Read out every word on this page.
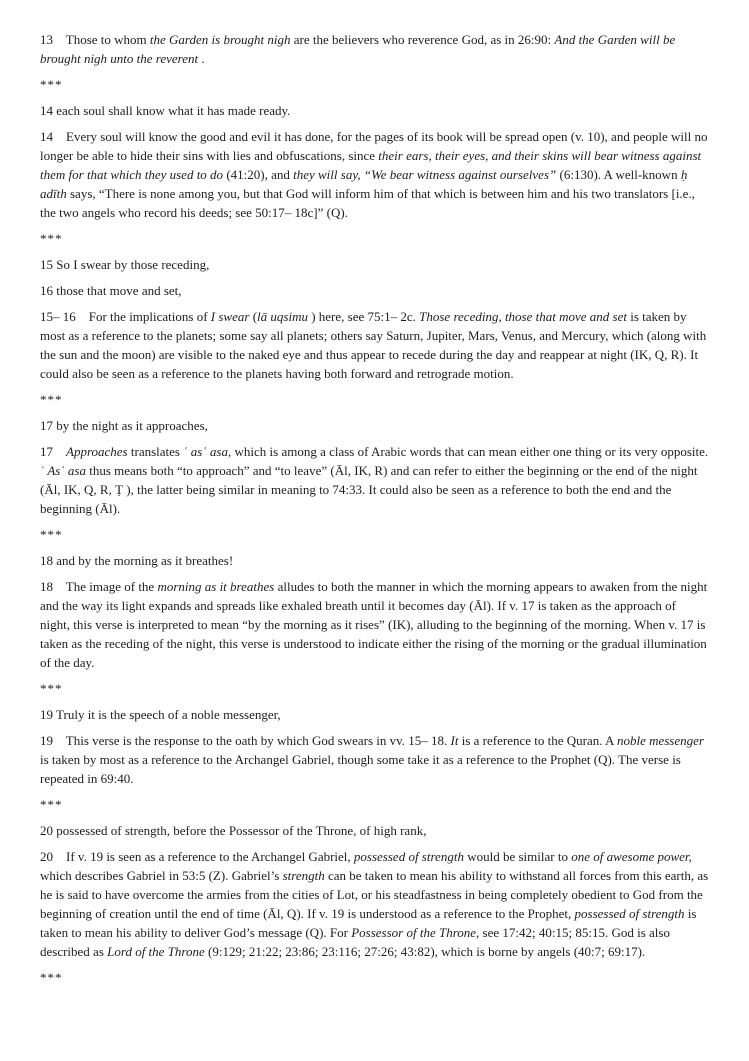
13    Those to whom the Garden is brought nigh are the believers who reverence God, as in 26:90: And the Garden will be brought nigh unto the reverent .

***

14 each soul shall know what it has made ready.

14    Every soul will know the good and evil it has done, for the pages of its book will be spread open (v. 10), and people will no longer be able to hide their sins with lies and obfuscations, since their ears, their eyes, and their skins will bear witness against them for that which they used to do (41:20), and they will say, “We bear witness against ourselves” (6:130). A well-known ḥ adīth says, “There is none among you, but that God will inform him of that which is between him and his two translators [i.e., the two angels who record his deeds; see 50:17– 18c]” (Q).

***

15 So I swear by those receding,

16 those that move and set,

15– 16    For the implications of I swear (lā uqsimu ) here, see 75:1– 2c. Those receding, those that move and set is taken by most as a reference to the planets; some say all planets; others say Saturn, Jupiter, Mars, Venus, and Mercury, which (along with the sun and the moon) are visible to the naked eye and thus appear to recede during the day and reappear at night (IK, Q, R). It could also be seen as a reference to the planets having both forward and retrograde motion.

***

17 by the night as it approaches,

17    Approaches translates ʿ asʿ asa, which is among a class of Arabic words that can mean either one thing or its very opposite. ʿ Asʿ asa thus means both “to approach” and “to leave” (Āl, IK, R) and can refer to either the beginning or the end of the night (Āl, IK, Q, R, Ṭ ), the latter being similar in meaning to 74:33. It could also be seen as a reference to both the end and the beginning (Āl).

***

18 and by the morning as it breathes!

18    The image of the morning as it breathes alludes to both the manner in which the morning appears to awaken from the night and the way its light expands and spreads like exhaled breath until it becomes day (Āl). If v. 17 is taken as the approach of night, this verse is interpreted to mean “by the morning as it rises” (IK), alluding to the beginning of the morning. When v. 17 is taken as the receding of the night, this verse is understood to indicate either the rising of the morning or the gradual illumination of the day.

***

19 Truly it is the speech of a noble messenger,

19    This verse is the response to the oath by which God swears in vv. 15– 18. It is a reference to the Quran. A noble messenger is taken by most as a reference to the Archangel Gabriel, though some take it as a reference to the Prophet (Q). The verse is repeated in 69:40.

***

20 possessed of strength, before the Possessor of the Throne, of high rank,

20    If v. 19 is seen as a reference to the Archangel Gabriel, possessed of strength would be similar to one of awesome power, which describes Gabriel in 53:5 (Z). Gabriel’s strength can be taken to mean his ability to withstand all forces from this earth, as he is said to have overcome the armies from the cities of Lot, or his steadfastness in being completely obedient to God from the beginning of creation until the end of time (Āl, Q). If v. 19 is understood as a reference to the Prophet, possessed of strength is taken to mean his ability to deliver God’s message (Q). For Possessor of the Throne, see 17:42; 40:15; 85:15. God is also described as Lord of the Throne (9:129; 21:22; 23:86; 23:116; 27:26; 43:82), which is borne by angels (40:7; 69:17).

***
